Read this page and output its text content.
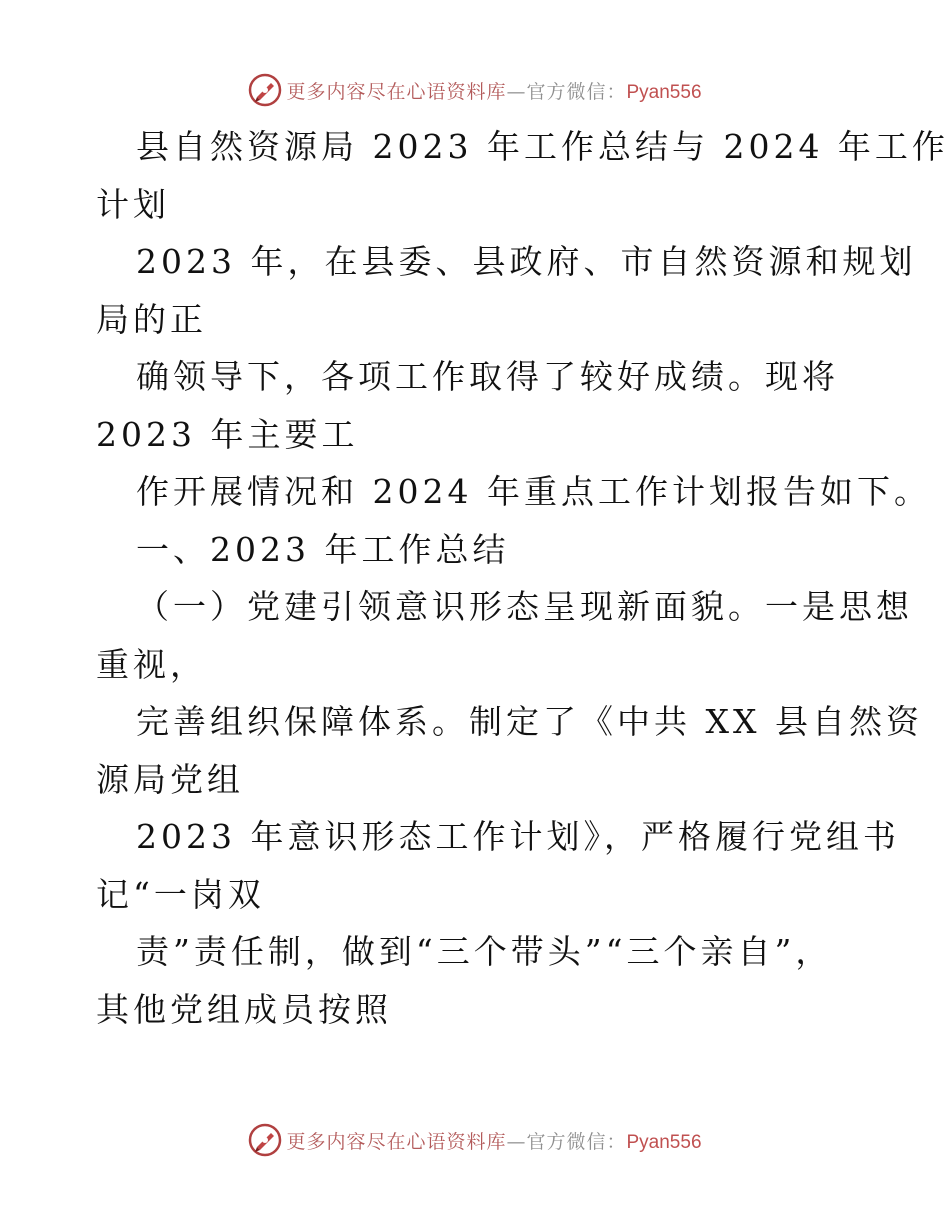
更多内容尽在心语资料库—官方微信：Pyan556
县自然资源局 2023 年工作总结与 2024 年工作
计划
2023 年，在县委、县政府、市自然资源和规划
局的正
确领导下，各项工作取得了较好成绩。现将
2023 年主要工
作开展情况和 2024 年重点工作计划报告如下。
一、2023 年工作总结
（一）党建引领意识形态呈现新面貌。一是思想
重视，
完善组织保障体系。制定了《中共 XX 县自然资
源局党组
2023 年意识形态工作计划》，严格履行党组书
记“一岗双
责”责任制，做到“三个带头”“三个亲自”，
其他党组成员按照
更多内容尽在心语资料库—官方微信：Pyan556
